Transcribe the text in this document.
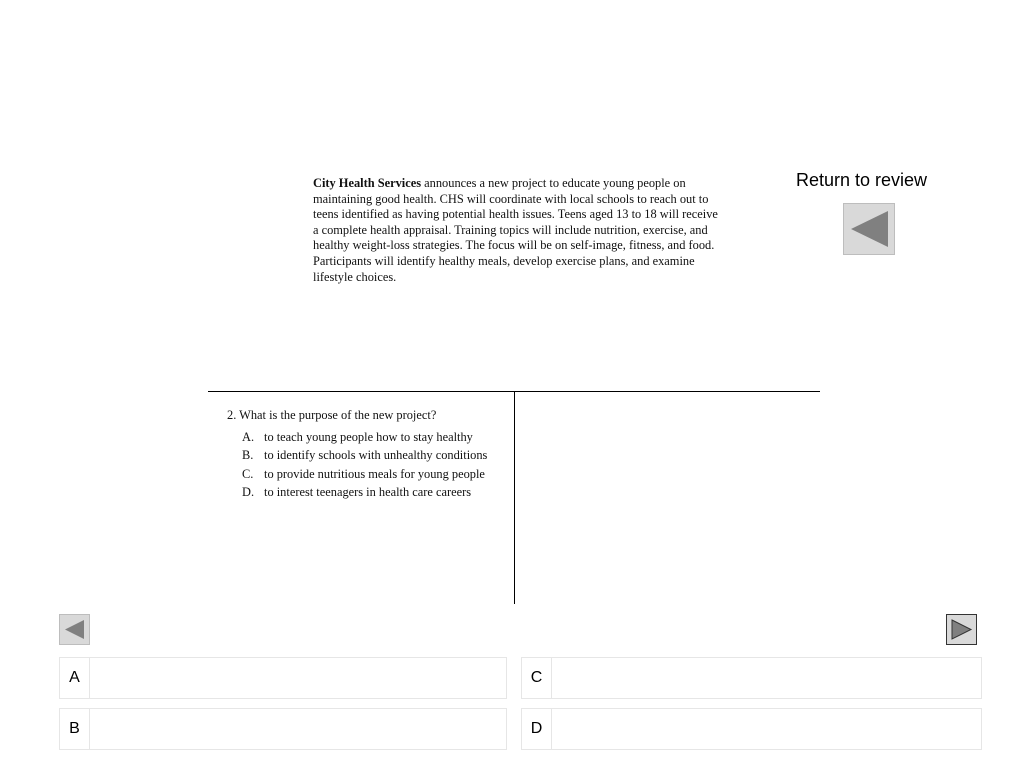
City Health Services announces a new project to educate young people on maintaining good health. CHS will coordinate with local schools to reach out to teens identified as having potential health issues. Teens aged 13 to 18 will receive a complete health appraisal. Training topics will include nutrition, exercise, and healthy weight-loss strategies. The focus will be on self-image, fitness, and food. Participants will identify healthy meals, develop exercise plans, and examine lifestyle choices.
Return to review
2. What is the purpose of the new project?
A. to teach young people how to stay healthy
B. to identify schools with unhealthy conditions
C. to provide nutritious meals for young people
D. to interest teenagers in health care careers
A
B
C
D
